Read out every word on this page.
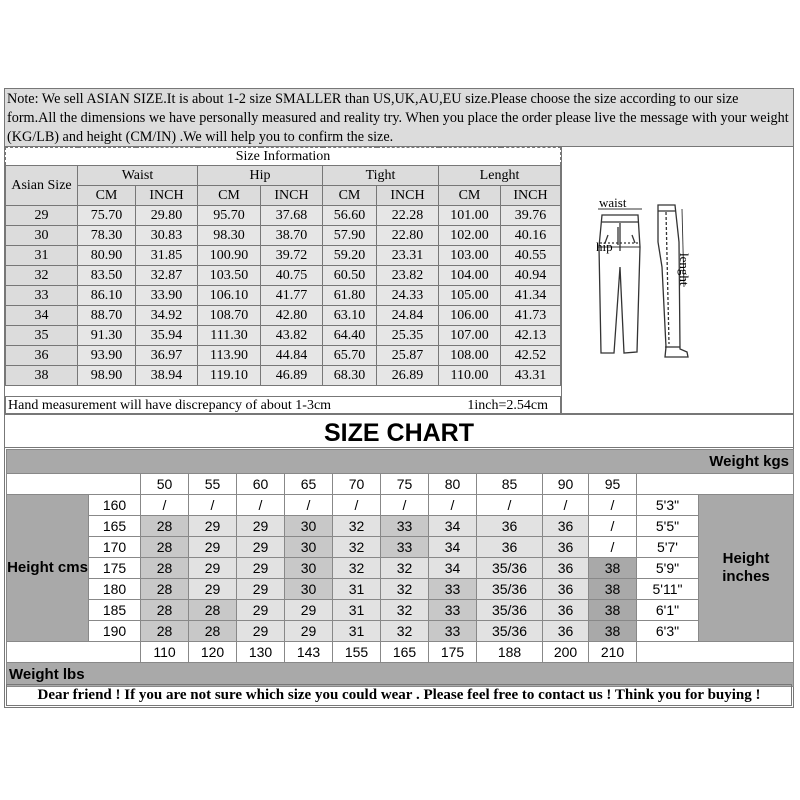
Note: We sell ASIAN SIZE.It is about 1-2 size SMALLER than US,UK,AU,EU size.Please choose the size according to our size form.All the dimensions we have personally measured and reality try. When you place the order please live the message with your weight (KG/LB) and height (CM/IN) .We will help you to confirm the size.
Size Information								
Asian Size	Waist		Hip		Tight		Lenght	
	CM	INCH	CM	INCH	CM	INCH	CM	INCH
29	75.70	29.80	95.70	37.68	56.60	22.28	101.00	39.76
30	78.30	30.83	98.30	38.70	57.90	22.80	102.00	40.16
31	80.90	31.85	100.90	39.72	59.20	23.31	103.00	40.55
32	83.50	32.87	103.50	40.75	60.50	23.82	104.00	40.94
33	86.10	33.90	106.10	41.77	61.80	24.33	105.00	41.34
34	88.70	34.92	108.70	42.80	63.10	24.84	106.00	41.73
35	91.30	35.94	111.30	43.82	64.40	25.35	107.00	42.13
36	93.90	36.97	113.90	44.84	65.70	25.87	108.00	42.52
38	98.90	38.94	119.10	46.89	68.30	26.89	110.00	43.31
Hand measurement will have discrepancy of about 1-3cm	1inch=2.54cm
waist
hip
lenght
SIZE CHART
Weight kgs													
		50	55	60	65	70	75	80	85	90	95		
Height cms	160	/	/	/	/	/	/	/	/	/	/	5'3"	Height inches
	165	28	29	29	30	32	33	34	36	36	/	5'5"	
	170	28	29	29	30	32	33	34	36	36	/	5'7'	
	175	28	29	29	30	32	32	34	35/36	36	38	5'9"	
	180	28	29	29	30	31	32	33	35/36	36	38	5'11"	
	185	28	28	29	29	31	32	33	35/36	36	38	6'1"	
	190	28	28	29	29	31	32	33	35/36	36	38	6'3"	
		110	120	130	143	155	165	175	188	200	210		
Weight lbs													
Dear friend ! If you are not sure which size you could wear . Please feel free to contact us ! Think you for buying !
